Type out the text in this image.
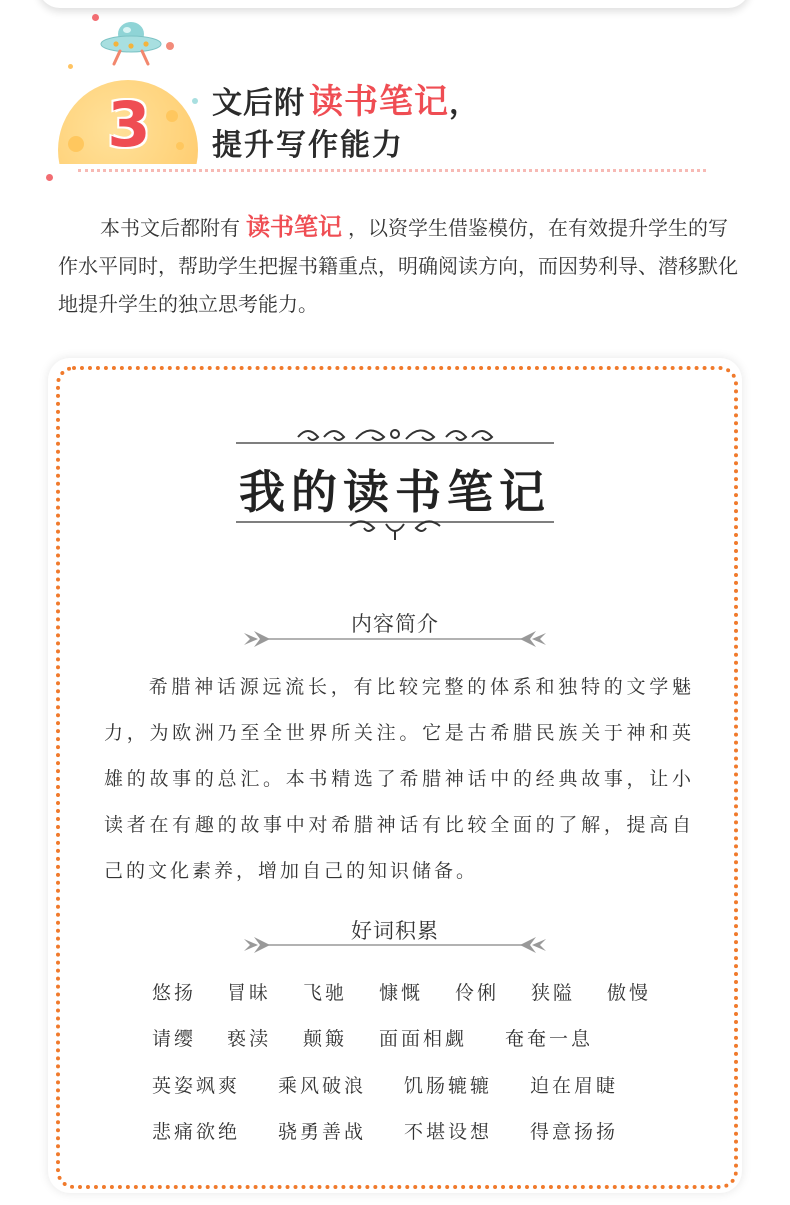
3	文后附 读书笔记，
提升写作能力
本书文后都附有 读书笔记 ，以资学生借鉴模仿，在有效提升学生的写作水平同时，帮助学生把握书籍重点，明确阅读方向，而因势利导、潜移默化地提升学生的独立思考能力。
我的读书笔记
内容简介
希腊神话源远流长，有比较完整的体系和独特的文学魅力，为欧洲乃至全世界所关注。它是古希腊民族关于神和英雄的故事的总汇。本书精选了希腊神话中的经典故事，让小读者在有趣的故事中对希腊神话有比较全面的了解，提高自己的文化素养，增加自己的知识储备。
好词积累
悠扬 冒昧 飞驰 慷慨 伶俐 狭隘 傲慢
请缨 亵渎 颠簸 面面相觑 奄奄一息
英姿飒爽 乘风破浪 饥肠辘辘 迫在眉睫
悲痛欲绝 骁勇善战 不堪设想 得意扬扬
